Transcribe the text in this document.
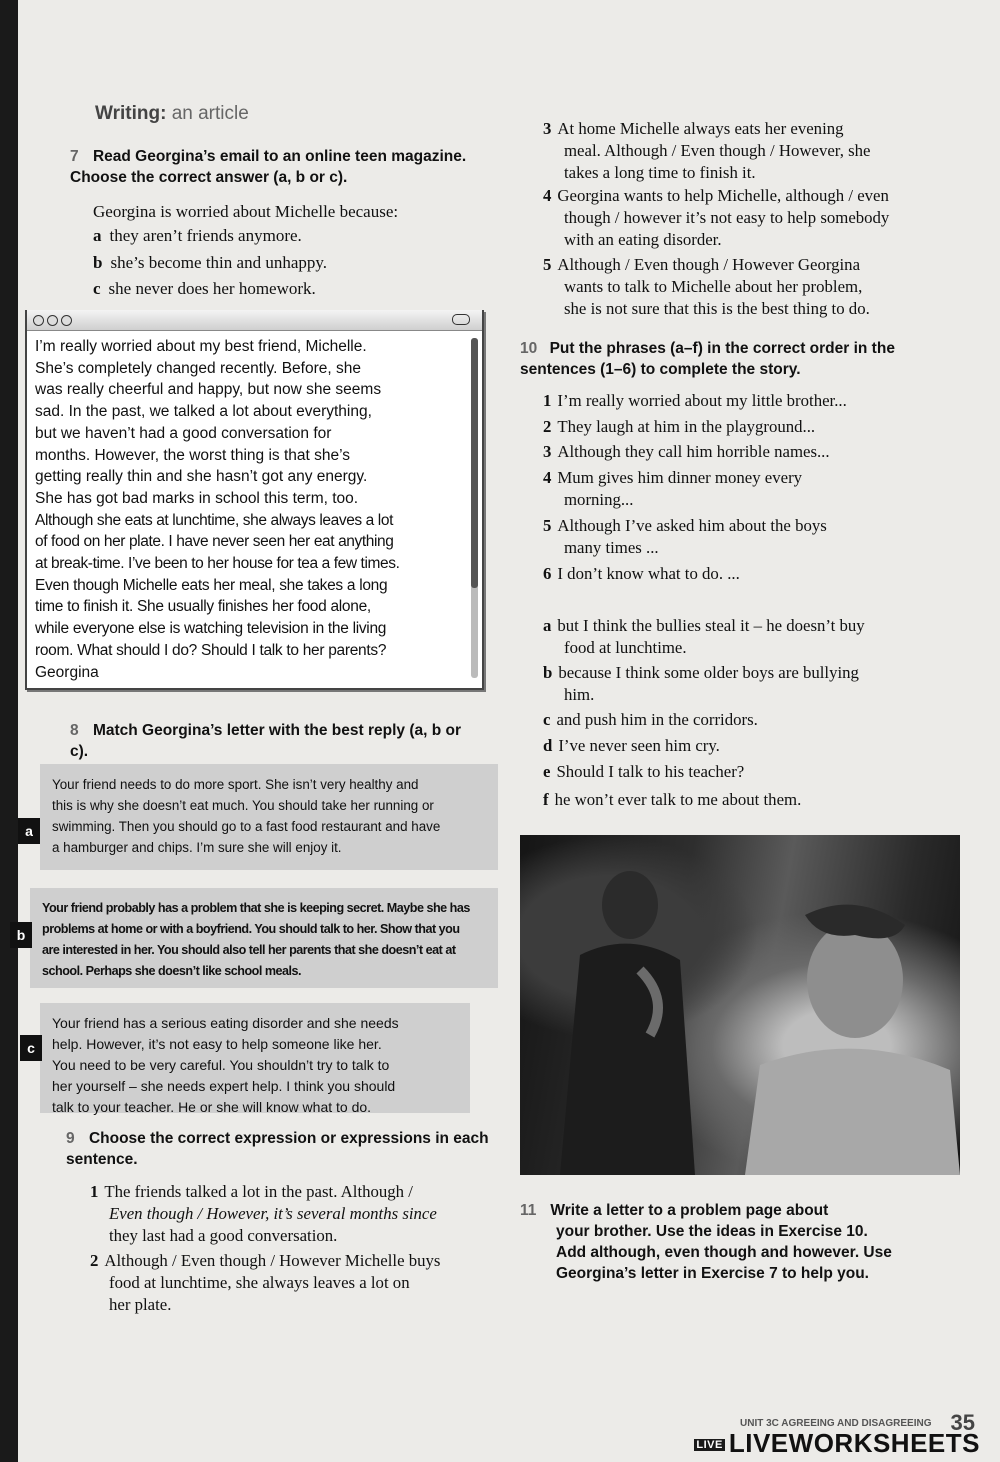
Writing: an article
7 Read Georgina’s email to an online teen magazine. Choose the correct answer (a, b or c).
Georgina is worried about Michelle because:
a they aren’t friends anymore.
b she’s become thin and unhappy.
c she never does her homework.

I’m really worried about my best friend, Michelle.

She’s completely changed recently. Before, she

was really cheerful and happy, but now she seems

sad. In the past, we talked a lot about everything,

but we haven’t had a good conversation for

months. However, the worst thing is that she’s

getting really thin and she hasn’t got any energy.

She has got bad marks in school this term, too.

Although she eats at lunchtime, she always leaves a lot

of food on her plate. I have never seen her eat anything

at break-time. I’ve been to her house for tea a few times.

Even though Michelle eats her meal, she takes a long

time to finish it. She usually finishes her food alone,

while everyone else is watching television in the living

room. What should I do? Should I talk to her parents?

Georgina

8 Match Georgina’s letter with the best reply (a, b or c).
Your friend needs to do more sport. She isn’t very healthy and
this is why she doesn’t eat much. You should take her running or
swimming. Then you should go to a fast food restaurant and have
a hamburger and chips. I’m sure she will enjoy it.
a
Your friend probably has a problem that she is keeping secret. Maybe she has
problems at home or with a boyfriend. You should talk to her. Show that you
are interested in her. You should also tell her parents that she doesn’t eat at
school. Perhaps she doesn’t like school meals.
b
Your friend has a serious eating disorder and she needs
help. However, it’s not easy to help someone like her.
You need to be very careful. You shouldn’t try to talk to
her yourself – she needs expert help. I think you should
talk to your teacher. He or she will know what to do.
c
9 Choose the correct expression or expressions in each sentence.
1 The friends talked a lot in the past. Although /
Even though / However, it’s several months since
they last had a good conversation.
2 Although / Even though / However Michelle buys
food at lunchtime, she always leaves a lot on
her plate.
3 At home Michelle always eats her evening
meal. Although / Even though / However, she
takes a long time to finish it.
4 Georgina wants to help Michelle, although / even
though / however it’s not easy to help somebody
with an eating disorder.
5 Although / Even though / However Georgina
wants to talk to Michelle about her problem,
she is not sure that this is the best thing to do.
10 Put the phrases (a–f) in the correct order in the sentences (1–6) to complete the story.
1 I’m really worried about my little brother...
2 They laugh at him in the playground...
3 Although they call him horrible names...
4 Mum gives him dinner money every
morning...
5 Although I’ve asked him about the boys
many times ...
6 I don’t know what to do. ...
a but I think the bullies steal it – he doesn’t buy
food at lunchtime.
b because I think some older boys are bullying
him.
c and push him in the corridors.
d I’ve never seen him cry.
e Should I talk to his teacher?
f he won’t ever talk to me about them.
11 Write a letter to a problem page about
your brother. Use the ideas in Exercise 10.
Add although, even though and however. Use
Georgina’s letter in Exercise 7 to help you.
UNIT 3C AGREEING AND DISAGREEING 35
LIVE LIVEWORKSHEETS
